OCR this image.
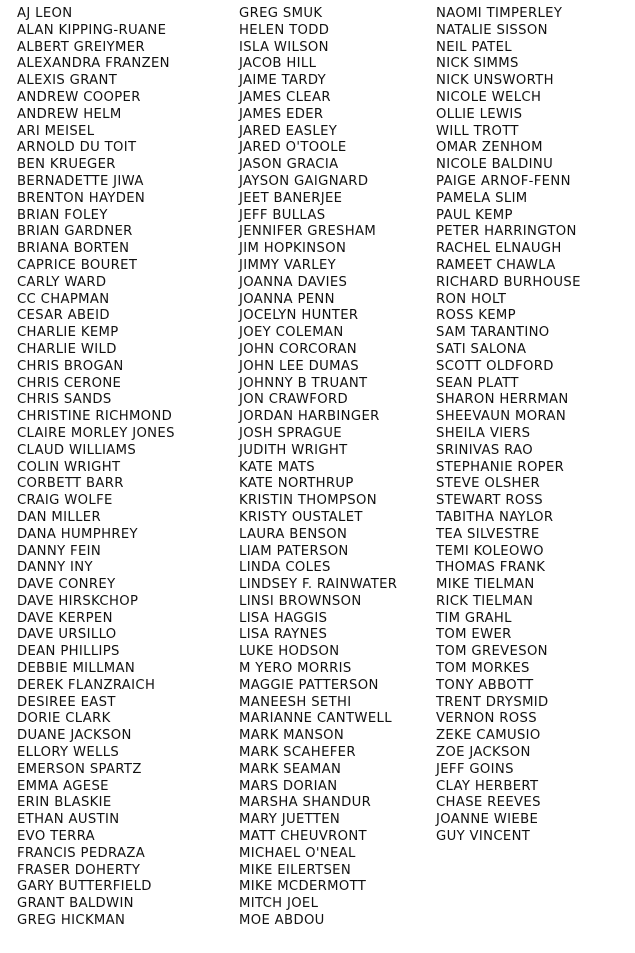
AJ LEON
ALAN KIPPING-RUANE
ALBERT GREIYMER
ALEXANDRA FRANZEN
ALEXIS GRANT
ANDREW COOPER
ANDREW HELM
ARI MEISEL
ARNOLD DU TOIT
BEN KRUEGER
BERNADETTE JIWA
BRENTON HAYDEN
BRIAN FOLEY
BRIAN GARDNER
BRIANA BORTEN
CAPRICE BOURET
CARLY WARD
CC CHAPMAN
CESAR ABEID
CHARLIE KEMP
CHARLIE WILD
CHRIS BROGAN
CHRIS CERONE
CHRIS SANDS
CHRISTINE RICHMOND
CLAIRE MORLEY JONES
CLAUD WILLIAMS
COLIN WRIGHT
CORBETT BARR
CRAIG WOLFE
DAN MILLER
DANA HUMPHREY
DANNY FEIN
DANNY INY
DAVE CONREY
DAVE HIRSKCHOP
DAVE KERPEN
DAVE URSILLO
DEAN PHILLIPS
DEBBIE MILLMAN
DEREK FLANZRAICH
DESIREE EAST
DORIE CLARK
DUANE JACKSON
ELLORY WELLS
EMERSON SPARTZ
EMMA AGESE
ERIN BLASKIE
ETHAN AUSTIN
EVO TERRA
FRANCIS PEDRAZA
FRASER DOHERTY
GARY BUTTERFIELD
GRANT BALDWIN
GREG HICKMAN
GREG SMUK
HELEN TODD
ISLA WILSON
JACOB HILL
JAIME TARDY
JAMES CLEAR
JAMES EDER
JARED EASLEY
JARED O'TOOLE
JASON GRACIA
JAYSON GAIGNARD
JEET BANERJEE
JEFF BULLAS
JENNIFER GRESHAM
JIM HOPKINSON
JIMMY VARLEY
JOANNA DAVIES
JOANNA PENN
JOCELYN HUNTER
JOEY COLEMAN
JOHN CORCORAN
JOHN LEE DUMAS
JOHNNY B TRUANT
JON CRAWFORD
JORDAN HARBINGER
JOSH SPRAGUE
JUDITH WRIGHT
KATE MATS
KATE NORTHRUP
KRISTIN THOMPSON
KRISTY OUSTALET
LAURA BENSON
LIAM PATERSON
LINDA COLES
LINDSEY F. RAINWATER
LINSI BROWNSON
LISA HAGGIS
LISA RAYNES
LUKE HODSON
M YERO MORRIS
MAGGIE PATTERSON
MANEESH SETHI
MARIANNE CANTWELL
MARK MANSON
MARK SCAHEFER
MARK SEAMAN
MARS DORIAN
MARSHA SHANDUR
MARY JUETTEN
MATT CHEUVRONT
MICHAEL O'NEAL
MIKE EILERTSEN
MIKE MCDERMOTT
MITCH JOEL
MOE ABDOU
NAOMI TIMPERLEY
NATALIE SISSON
NEIL PATEL
NICK SIMMS
NICK UNSWORTH
NICOLE WELCH
OLLIE LEWIS
WILL TROTT
OMAR ZENHOM
NICOLE BALDINU
PAIGE ARNOF-FENN
PAMELA SLIM
PAUL KEMP
PETER HARRINGTON
RACHEL ELNAUGH
RAMEET CHAWLA
RICHARD BURHOUSE
RON HOLT
ROSS KEMP
SAM TARANTINO
SATI SALONA
SCOTT OLDFORD
SEAN PLATT
SHARON HERRMAN
SHEEVAUN MORAN
SHEILA VIERS
SRINIVAS RAO
STEPHANIE ROPER
STEVE OLSHER
STEWART ROSS
TABITHA NAYLOR
TEA SILVESTRE
TEMI KOLEOWO
THOMAS FRANK
MIKE TIELMAN
RICK TIELMAN
TIM GRAHL
TOM EWER
TOM GREVESON
TOM MORKES
TONY ABBOTT
TRENT DRYSMID
VERNON ROSS
ZEKE CAMUSIO
ZOE JACKSON
JEFF GOINS
CLAY HERBERT
CHASE REEVES
JOANNE WIEBE
GUY VINCENT
